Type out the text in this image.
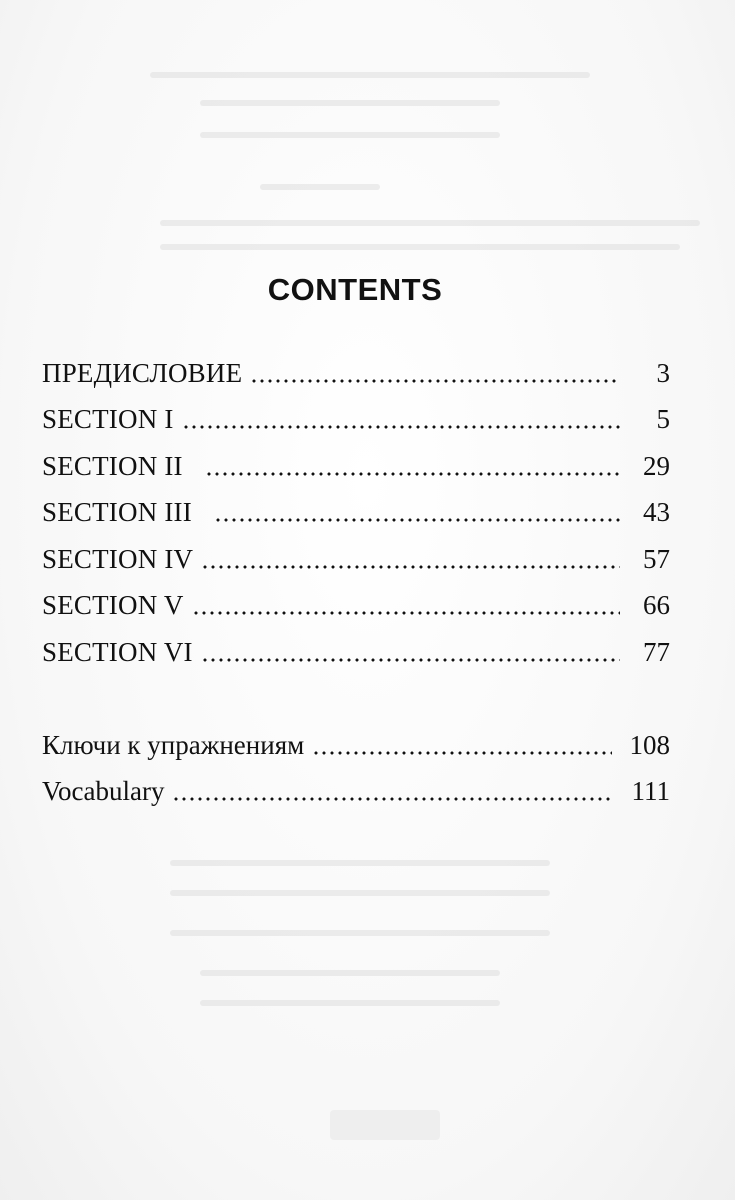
CONTENTS
ПРЕДИСЛОВИЕ	3
SECTION I	5
SECTION II	29
SECTION III	43
SECTION IV	57
SECTION V	66
SECTION VI	77
Ключи к упражнениям	108
Vocabulary	111
